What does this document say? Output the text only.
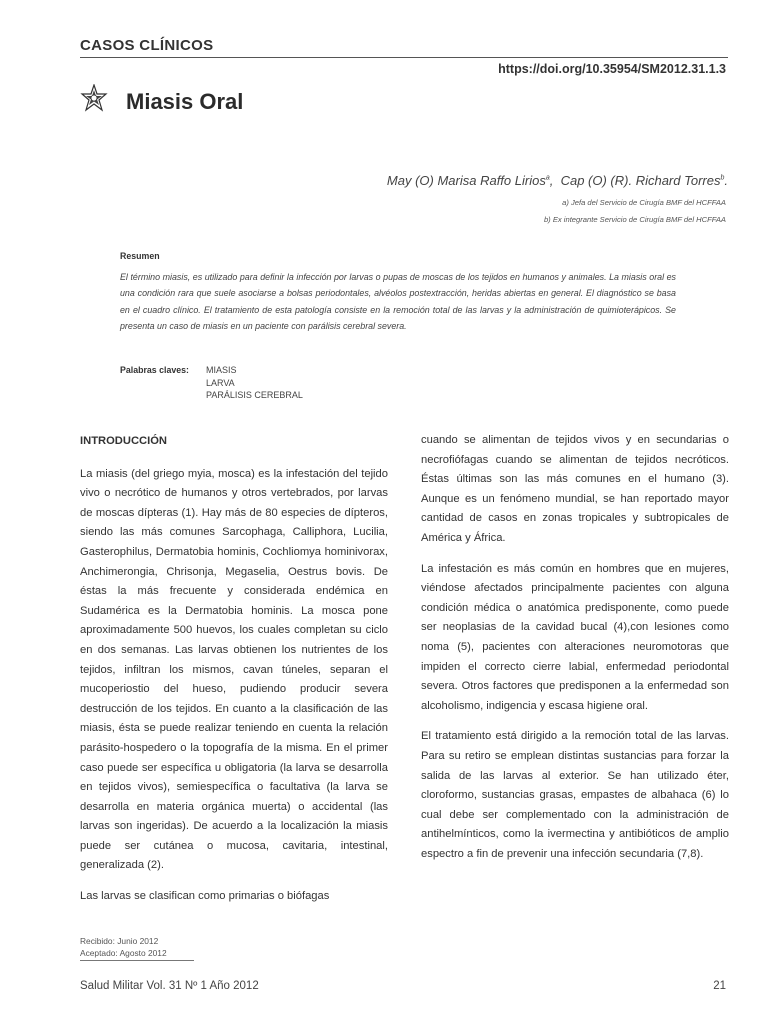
CASOS CLÍNICOS
https://doi.org/10.35954/SM2012.31.1.3
Miasis Oral
May (O) Marisa Raffo Lirios$^a$,  Cap (O) (R). Richard Torres$^b$.
a) Jefa del Servicio de Cirugía BMF del HCFFAA
b) Ex integrante Servicio de Cirugía BMF del HCFFAA
Resumen
El término miasis, es utilizado para definir la infección por larvas o pupas de moscas de los tejidos en humanos y animales. La miasis oral es una condición rara que suele asociarse a bolsas periodontales, alvéolos postextracción, heridas abiertas en general. El diagnóstico se basa en el cuadro clínico. El tratamiento de esta patología consiste en la remoción total de las larvas y la administración de quimioterápicos. Se presenta un caso de miasis en un paciente con parálisis cerebral severa.
Palabras claves: MIASIS
LARVA
PARÁLISIS CEREBRAL
INTRODUCCIÓN

La miasis (del griego myia, mosca) es la infestación del tejido vivo o necrótico de humanos y otros vertebrados, por larvas de moscas dípteras (1). Hay más de 80 especies de dípteros, siendo las más comunes Sarcophaga, Calliphora, Lucilia, Gasterophilus, Dermatobia hominis, Cochliomya hominivorax, Anchimerongia, Chrisonja, Megaselia, Oestrus bovis. De éstas la más frecuente y considerada endémica en Sudamérica es la Dermatobia hominis. La mosca pone aproximadamente 500 huevos, los cuales completan su ciclo en dos semanas. Las larvas obtienen los nutrientes de los tejidos, infiltran los mismos, cavan túneles, separan el mucoperiostio del hueso, pudiendo producir severa destrucción de los tejidos. En cuanto a la clasificación de las miasis, ésta se puede realizar teniendo en cuenta la relación parásito-hospedero o la topografía de la misma. En el primer caso puede ser específica u obligatoria (la larva se desarrolla en tejidos vivos), semiespecífica o facultativa (la larva se desarrolla en materia orgánica muerta) o accidental (las larvas son ingeridas). De acuerdo a la localización la miasis puede ser cutánea o mucosa, cavitaria, intestinal, generalizada (2).

Las larvas se clasifican como primarias o biófagas

cuando se alimentan de tejidos vivos y en secundarias o necrofiófagas cuando se alimentan de tejidos necróticos. Éstas últimas son las más comunes en el humano (3). Aunque es un fenómeno mundial, se han reportado mayor cantidad de casos en zonas tropicales y subtropicales de América y África.

La infestación es más común en hombres que en mujeres, viéndose afectados principalmente pacientes con alguna condición médica o anatómica predisponente, como puede ser neoplasias de la cavidad bucal (4),con lesiones como noma (5), pacientes con alteraciones neuromotoras que impiden el correcto cierre labial, enfermedad periodontal severa. Otros factores que predisponen a la enfermedad son alcoholismo, indigencia y escasa higiene oral.

El tratamiento está dirigido a la remoción total de las larvas. Para su retiro se emplean distintas sustancias para forzar la salida de las larvas al exterior. Se han utilizado éter, cloroformo, sustancias grasas, empastes de albahaca (6) lo cual debe ser complementado con la administración de antihelmínticos, como la ivermectina y antibióticos de amplio espectro a fin de prevenir una infección secundaria (7,8).

Recibido: Junio 2012
Aceptado: Agosto 2012
Salud Militar Vol. 31 Nº 1 Año 2012	21
